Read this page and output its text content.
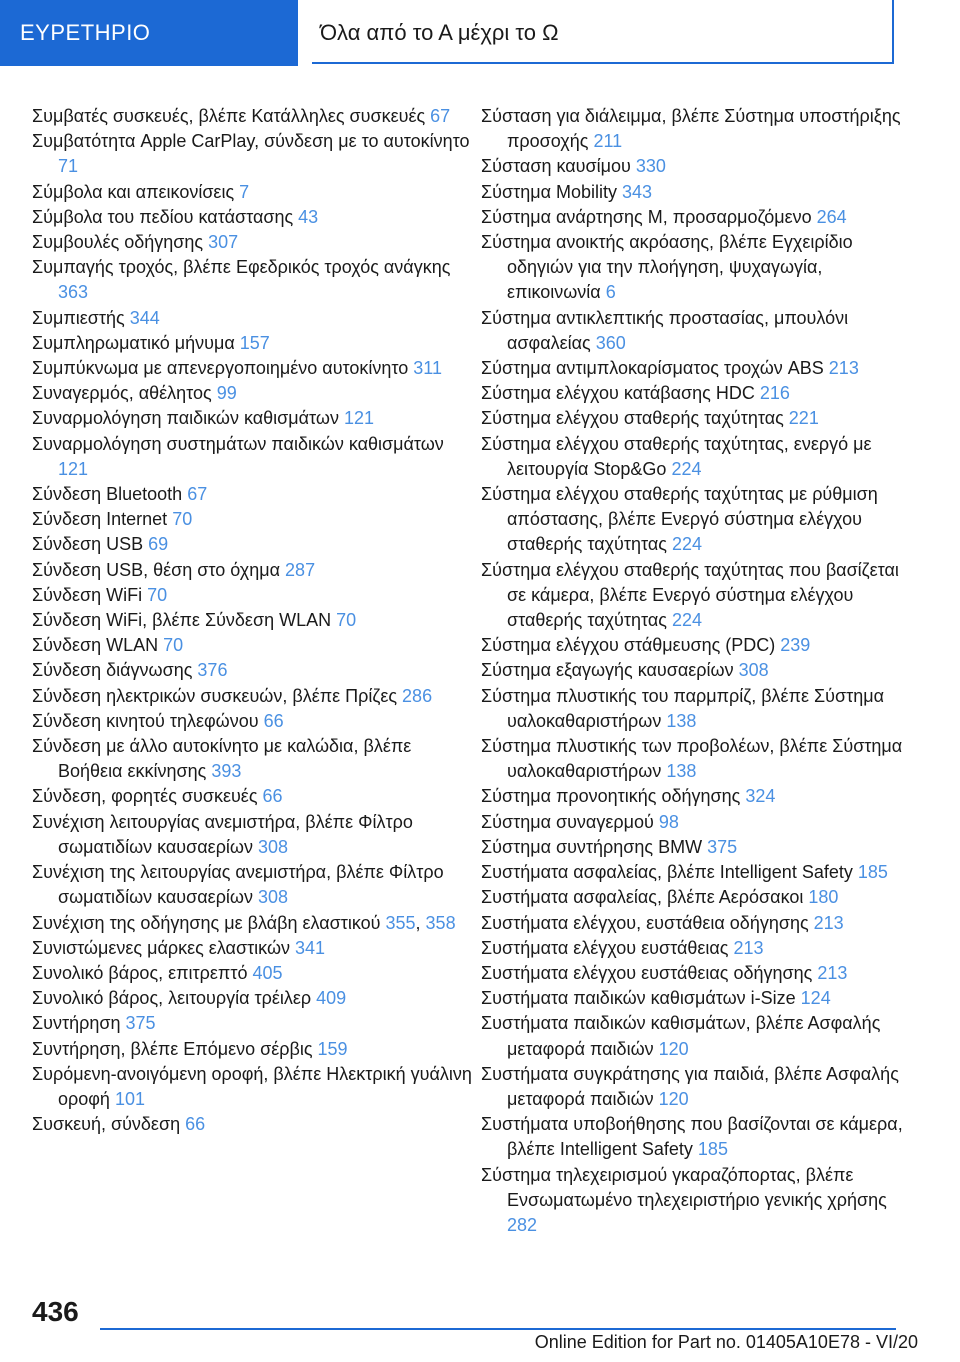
ΕΥΡΕΤΗΡΙΟ	Όλα από το Α μέχρι το Ω
Συμβατές συσκευές, βλέπε Κατάλληλες συσκευές 67
Συμβατότητα Apple CarPlay, σύνδεση με το αυτοκίνητο 71
Σύμβολα και απεικονίσεις 7
Σύμβολα του πεδίου κατάστασης 43
Συμβουλές οδήγησης 307
Συμπαγής τροχός, βλέπε Εφεδρικός τροχός ανάγκης 363
Συμπιεστής 344
Συμπληρωματικό μήνυμα 157
Συμπύκνωμα με απενεργοποιημένο αυτοκίνητο 311
Συναγερμός, αθέλητος 99
Συναρμολόγηση παιδικών καθισμάτων 121
Συναρμολόγηση συστημάτων παιδικών καθισμάτων 121
Σύνδεση Bluetooth 67
Σύνδεση Internet 70
Σύνδεση USB 69
Σύνδεση USB, θέση στο όχημα 287
Σύνδεση WiFi 70
Σύνδεση WiFi, βλέπε Σύνδεση WLAN 70
Σύνδεση WLAN 70
Σύνδεση διάγνωσης 376
Σύνδεση ηλεκτρικών συσκευών, βλέπε Πρίζες 286
Σύνδεση κινητού τηλεφώνου 66
Σύνδεση με άλλο αυτοκίνητο με καλώδια, βλέπε Βοήθεια εκκίνησης 393
Σύνδεση, φορητές συσκευές 66
Συνέχιση λειτουργίας ανεμιστήρα, βλέπε Φίλτρο σωματιδίων καυσαερίων 308
Συνέχιση της λειτουργίας ανεμιστήρα, βλέπε Φίλτρο σωματιδίων καυσαερίων 308
Συνέχιση της οδήγησης με βλάβη ελαστικού 355, 358
Συνιστώμενες μάρκες ελαστικών 341
Συνολικό βάρος, επιτρεπτό 405
Συνολικό βάρος, λειτουργία τρέιλερ 409
Συντήρηση 375
Συντήρηση, βλέπε Επόμενο σέρβις 159
Συρόμενη-ανοιγόμενη οροφή, βλέπε Ηλεκτρική γυάλινη οροφή 101
Συσκευή, σύνδεση 66
Σύσταση για διάλειμμα, βλέπε Σύστημα υποστήριξης προσοχής 211
Σύσταση καυσίμου 330
Σύστημα Mobility 343
Σύστημα ανάρτησης M, προσαρμοζόμενο 264
Σύστημα ανοικτής ακρόασης, βλέπε Εγχειρίδιο οδηγιών για την πλοήγηση, ψυχαγωγία, επικοινωνία 6
Σύστημα αντικλεπτικής προστασίας, μπουλόνι ασφαλείας 360
Σύστημα αντιμπλοκαρίσματος τροχών ABS 213
Σύστημα ελέγχου κατάβασης HDC 216
Σύστημα ελέγχου σταθερής ταχύτητας 221
Σύστημα ελέγχου σταθερής ταχύτητας, ενεργό με λειτουργία Stop&Go 224
Σύστημα ελέγχου σταθερής ταχύτητας με ρύθμιση απόστασης, βλέπε Ενεργό σύστημα ελέγχου σταθερής ταχύτητας 224
Σύστημα ελέγχου σταθερής ταχύτητας που βασίζεται σε κάμερα, βλέπε Ενεργό σύστημα ελέγχου σταθερής ταχύτητας 224
Σύστημα ελέγχου στάθμευσης (PDC) 239
Σύστημα εξαγωγής καυσαερίων 308
Σύστημα πλυστικής του παρμπρίζ, βλέπε Σύστημα υαλοκαθαριστήρων 138
Σύστημα πλυστικής των προβολέων, βλέπε Σύστημα υαλοκαθαριστήρων 138
Σύστημα προνοητικής οδήγησης 324
Σύστημα συναγερμού 98
Σύστημα συντήρησης BMW 375
Συστήματα ασφαλείας, βλέπε Intelligent Safety 185
Συστήματα ασφαλείας, βλέπε Αερόσακοι 180
Συστήματα ελέγχου, ευστάθεια οδήγησης 213
Συστήματα ελέγχου ευστάθειας 213
Συστήματα ελέγχου ευστάθειας οδήγησης 213
Συστήματα παιδικών καθισμάτων i-Size 124
Συστήματα παιδικών καθισμάτων, βλέπε Ασφαλής μεταφορά παιδιών 120
Συστήματα συγκράτησης για παιδιά, βλέπε Ασφαλής μεταφορά παιδιών 120
Συστήματα υποβοήθησης που βασίζονται σε κάμερα, βλέπε Intelligent Safety 185
Σύστημα τηλεχειρισμού γκαραζόπορτας, βλέπε Ενσωματωμένο τηλεχειριστήριο γενικής χρήσης 282
436
Online Edition for Part no. 01405A10E78 - VI/20
